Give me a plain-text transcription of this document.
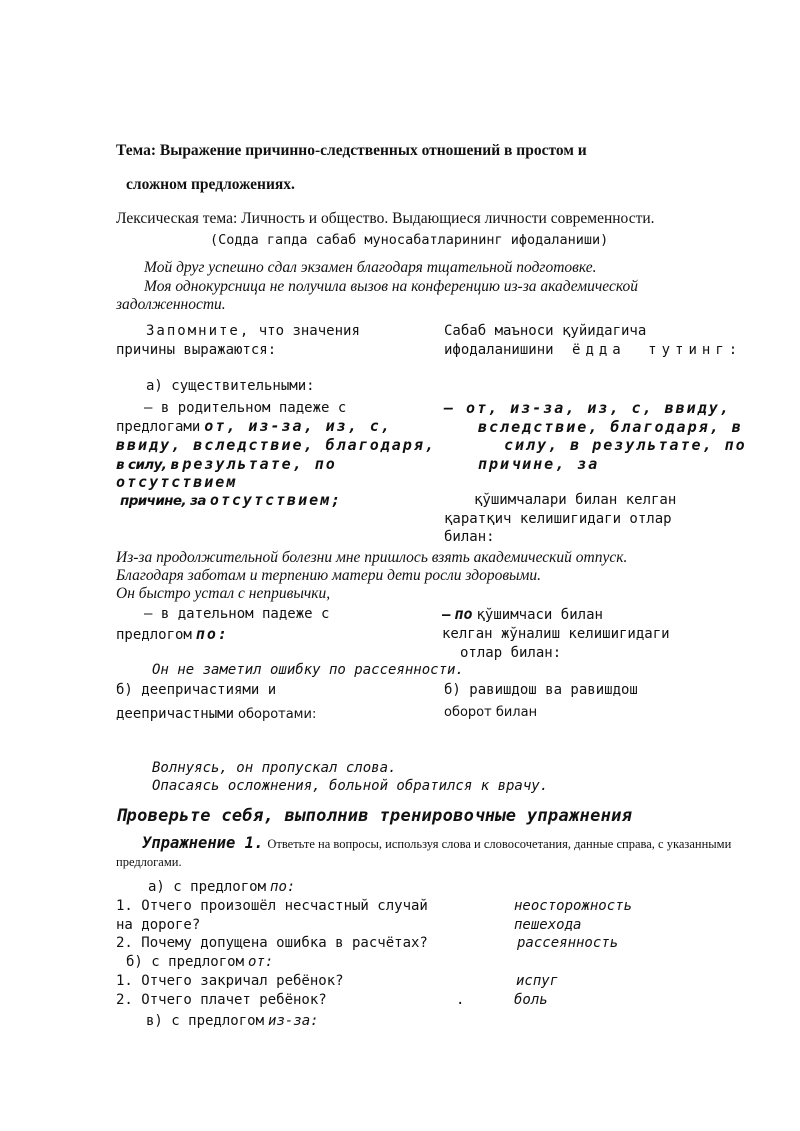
Тема: Выражение причинно-следственных отношений в простом и
сложном предложениях.
Лексическая тема: Личность и общество. Выдающиеся личности современности.
(Содда гапда сабаб муносабатларининг ифодаланиши)
Мой друг успешно сдал экзамен благодаря тщательной подготовке.
Моя однокурсница не получила вызов на конференцию из-за академической
задолженности.
Запомните, что значения
причины выражаются:
Сабаб маъноси қуйидагича
ифодаланишини ёдда тутинг:
а) существительными:
— в родительном падеже с
предлогами от, из-за, из, с,
ввиду, вследствие, благодаря,
в силу, в результате, по
отсутствием
причине, за отсутствием;
— от, из-за, из, с, ввиду,
вследствие, благодаря, в
силу, в результате, по
причине, за
қўшимчалари билан келган
қаратқич келишигидаги отлар
билан:
Из-за продолжительной болезни мне пришлось взять академический отпуск.
Благодаря заботам и терпению матери дети росли здоровыми.
Он быстро устал с непривычки,
— в дательном падеже с
предлогом по:
— по қўшимчаси билан
келган жўналиш келишигидаги
отлар билан:
Он не заметил ошибку по рассеянности.
б) деепричастиями и
деепричастными оборотами:
б) равишдош ва равишдош
оборот билан
Волнуясь, он пропускал слова.
Опасаясь осложнения, больной обратился к врачу.
Проверьте себя, выполнив тренировочные упражнения
Упражнение 1. Ответьте на вопросы, используя слова и словосочетания, данные справа, с указанными предлогами.
а) с предлогом по:
1. Отчего произошёл несчастный случай
на дороге?
2. Почему допущена ошибка в расчётах?
неосторожность
пешехода
рассеянность
б) с предлогом от:
1. Отчего закричал ребёнок?
2. Отчего плачет ребёнок?	.
испуг
боль
в) с предлогом из-за:
